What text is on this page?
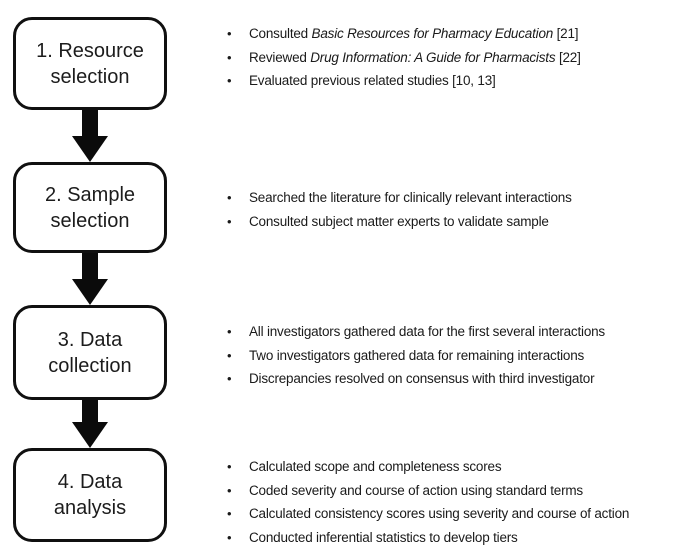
1. Resource selection
• Consulted Basic Resources for Pharmacy Education [21]
• Reviewed Drug Information: A Guide for Pharmacists [22]
• Evaluated previous related studies [10, 13]
2. Sample selection
• Searched the literature for clinically relevant interactions
• Consulted subject matter experts to validate sample
3. Data collection
• All investigators gathered data for the first several interactions
• Two investigators gathered data for remaining interactions
• Discrepancies resolved on consensus with third investigator
4. Data analysis
• Calculated scope and completeness scores
• Coded severity and course of action using standard terms
• Calculated consistency scores using severity and course of action
• Conducted inferential statistics to develop tiers
